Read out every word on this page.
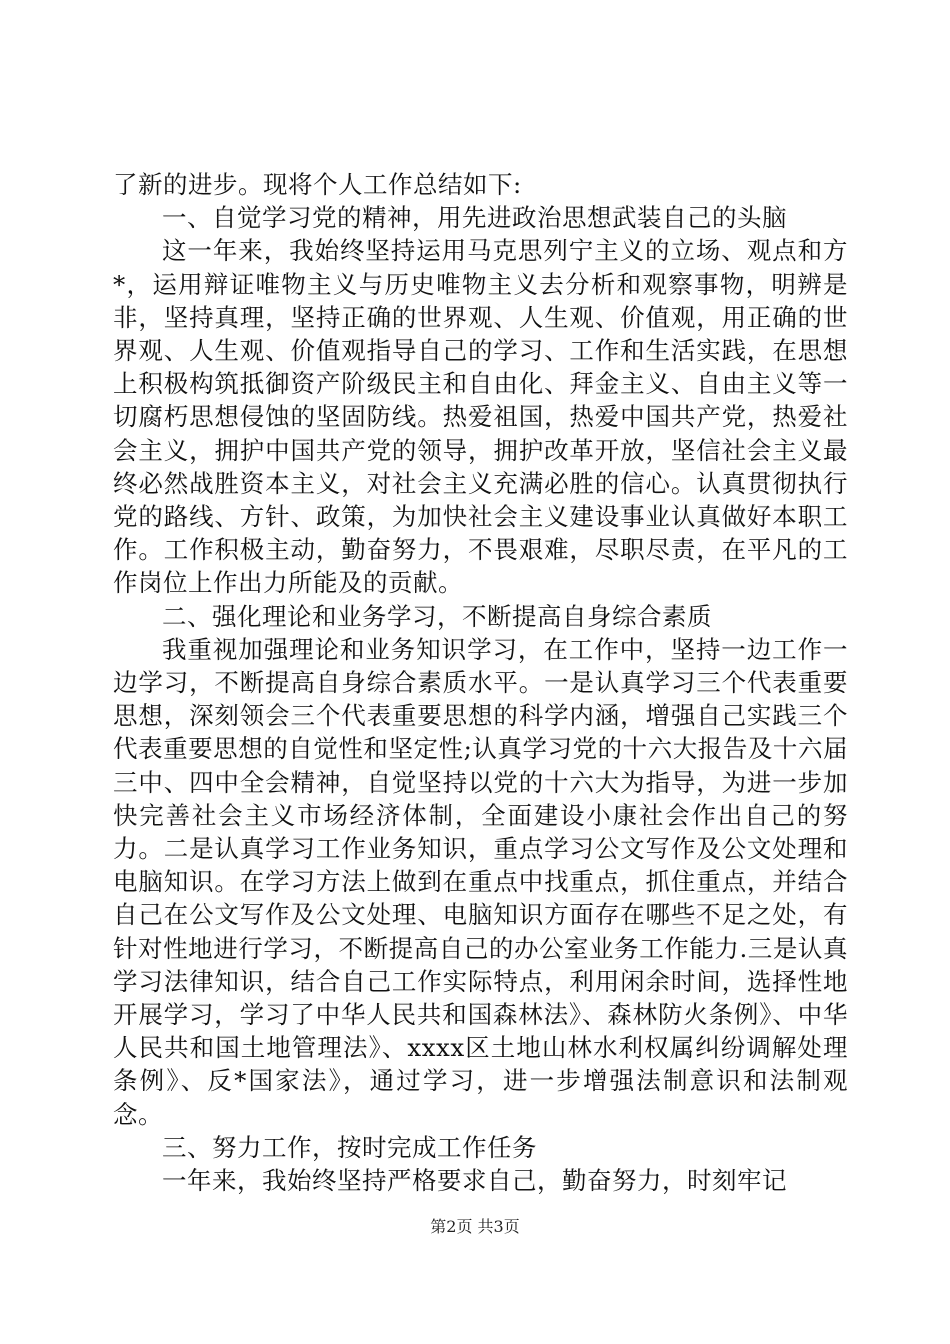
了新的进步。现将个人工作总结如下:

一、自觉学习党的精神，用先进政治思想武装自己的头脑

这一年来，我始终坚持运用马克思列宁主义的立场、观点和方*，运用辩证唯物主义与历史唯物主义去分析和观察事物，明辨是非，坚持真理，坚持正确的世界观、人生观、价值观，用正确的世界观、人生观、价值观指导自己的学习、工作和生活实践，在思想上积极构筑抵御资产阶级民主和自由化、拜金主义、自由主义等一切腐朽思想侵蚀的坚固防线。热爱祖国，热爱中国共产党，热爱社会主义，拥护中国共产党的领导，拥护改革开放，坚信社会主义最终必然战胜资本主义，对社会主义充满必胜的信心。认真贯彻执行党的路线、方针、政策，为加快社会主义建设事业认真做好本职工作。工作积极主动，勤奋努力，不畏艰难，尽职尽责，在平凡的工作岗位上作出力所能及的贡献。

二、强化理论和业务学习，不断提高自身综合素质

我重视加强理论和业务知识学习，在工作中，坚持一边工作一边学习，不断提高自身综合素质水平。一是认真学习三个代表重要思想，深刻领会三个代表重要思想的科学内涵，增强自己实践三个代表重要思想的自觉性和坚定性;认真学习党的十六大报告及十六届三中、四中全会精神，自觉坚持以党的十六大为指导，为进一步加快完善社会主义市场经济体制，全面建设小康社会作出自己的努力。二是认真学习工作业务知识，重点学习公文写作及公文处理和电脑知识。在学习方法上做到在重点中找重点，抓住重点，并结合自己在公文写作及公文处理、电脑知识方面存在哪些不足之处，有针对性地进行学习，不断提高自己的办公室业务工作能力.三是认真学习法律知识，结合自己工作实际特点，利用闲余时间，选择性地开展学习，学习了中华人民共和国森林法》、森林防火条例》、中华人民共和国土地管理法》、xxxx区土地山林水利权属纠纷调解处理条例》、反*国家法》，通过学习，进一步增强法制意识和法制观念。

三、努力工作，按时完成工作任务

一年来，我始终坚持严格要求自己，勤奋努力，时刻牢记

第2页 共3页
